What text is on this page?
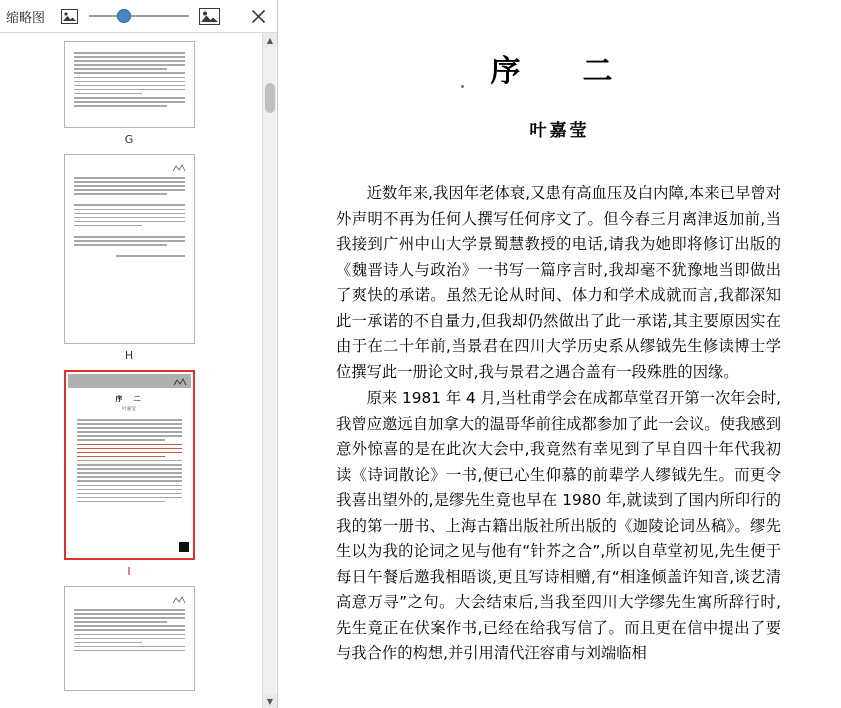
缩略图
G
H
序　二
叶嘉莹
I
▲
▼
序　二
叶嘉莹

近数年来,我因年老体衰,又患有高血压及白内障,本来已早曾对外声明不再为任何人撰写任何序文了。但今春三月离津返加前,当我接到广州中山大学景蜀慧教授的电话,请我为她即将修订出版的《魏晋诗人与政治》一书写一篇序言时,我却毫不犹豫地当即做出了爽快的承诺。虽然无论从时间、体力和学术成就而言,我都深知此一承诺的不自量力,但我却仍然做出了此一承诺,其主要原因实在由于在二十年前,当景君在四川大学历史系从缪钺先生修读博士学位撰写此一册论文时,我与景君之遇合盖有一段殊胜的因缘。

原来 1981 年 4 月,当杜甫学会在成都草堂召开第一次年会时,我曾应邀远自加拿大的温哥华前往成都参加了此一会议。使我感到意外惊喜的是在此次大会中,我竟然有幸见到了早自四十年代我初读《诗词散论》一书,便已心生仰慕的前辈学人缪钺先生。而更令我喜出望外的,是缪先生竟也早在 1980 年,就读到了国内所印行的我的第一册书、上海古籍出版社所出版的《迦陵论词丛稿》。缪先生以为我的论词之见与他有“针芥之合”,所以自草堂初见,先生便于每日午餐后邀我相晤谈,更且写诗相赠,有“相逢倾盖许知音,谈艺清高意万寻”之句。大会结束后,当我至四川大学缪先生寓所辞行时,先生竟正在伏案作书,已经在给我写信了。而且更在信中提出了要与我合作的构想,并引用清代汪容甫与刘端临相
